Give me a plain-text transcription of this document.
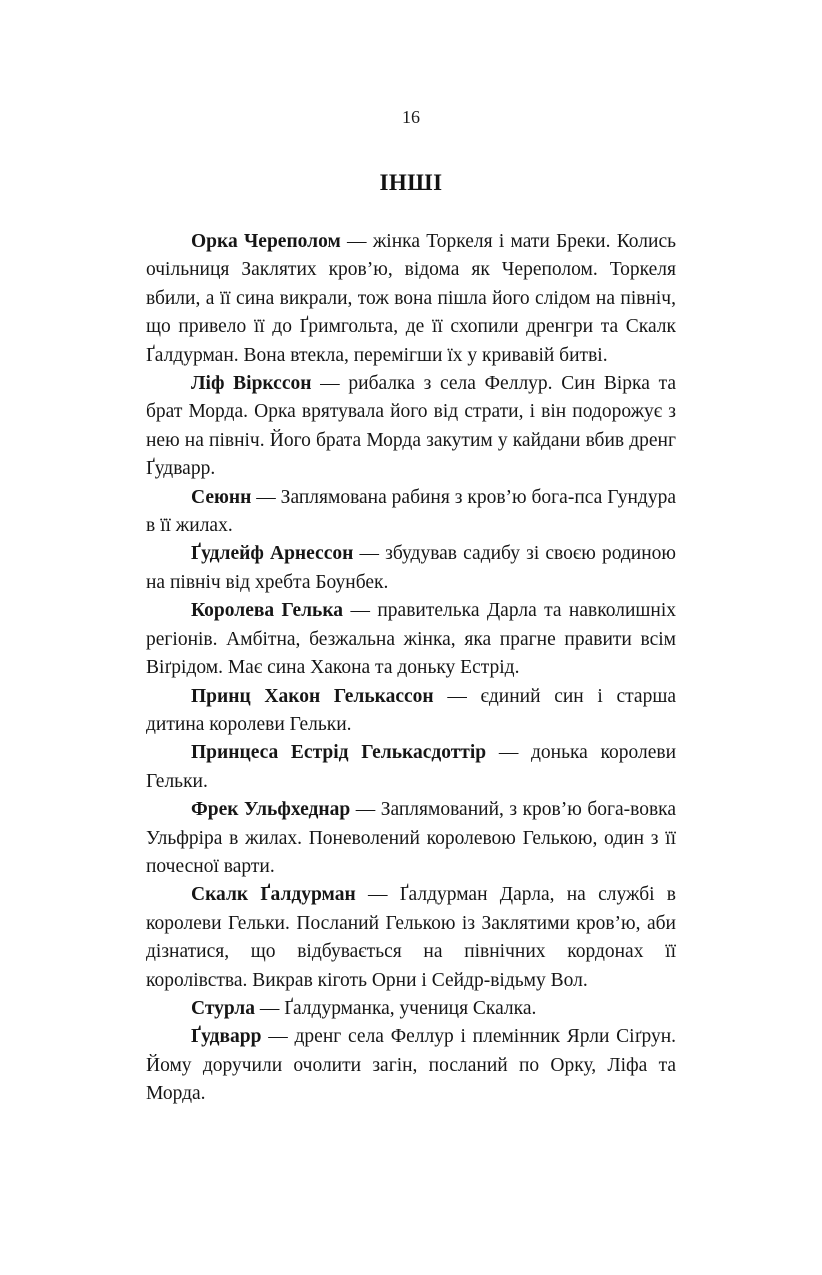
16
ІНШІ

Орка Череполом — жінка Торкеля і мати Бреки. Колись очільниця Заклятих кров’ю, відома як Череполом. Торкеля вбили, а її сина викрали, тож вона пішла його слідом на північ, що привело її до Ґримгольта, де її схопили дренгри та Скалк Ґалдурман. Вона втекла, перемігши їх у кривавій битві.

Ліф Віркссон — рибалка з села Феллур. Син Вірка та брат Морда. Орка врятувала його від страти, і він подорожує з нею на північ. Його брата Морда закутим у кайдани вбив дренг Ґудварр.

Сеюнн — Заплямована рабиня з кров’ю бога-пса Гундура в її жилах.

Ґудлейф Арнессон — збудував садибу зі своєю родиною на північ від хребта Боунбек.

Королева Гелька — правителька Дарла та навколишніх регіонів. Амбітна, безжальна жінка, яка прагне правити всім Віґрідом. Має сина Хакона та доньку Естрід.

Принц Хакон Гелькассон — єдиний син і старша дитина королеви Гельки.

Принцеса Естрід Гелькасдоттір — донька королеви Гельки.

Фрек Ульфхеднар — Заплямований, з кров’ю бога-вовка Ульфріра в жилах. Поневолений королевою Гелькою, один з її почесної варти.

Скалк Ґалдурман — Ґалдурман Дарла, на службі в королеви Гельки. Посланий Гелькою із Заклятими кров’ю, аби дізнатися, що відбувається на північних кордонах її королівства. Викрав кіготь Орни і Сейдр-відьму Вол.

Стурла — Ґалдурманка, учениця Скалка.

Ґудварр — дренг села Феллур і племінник Ярли Сіґрун. Йому доручили очолити загін, посланий по Орку, Ліфа та Морда.
